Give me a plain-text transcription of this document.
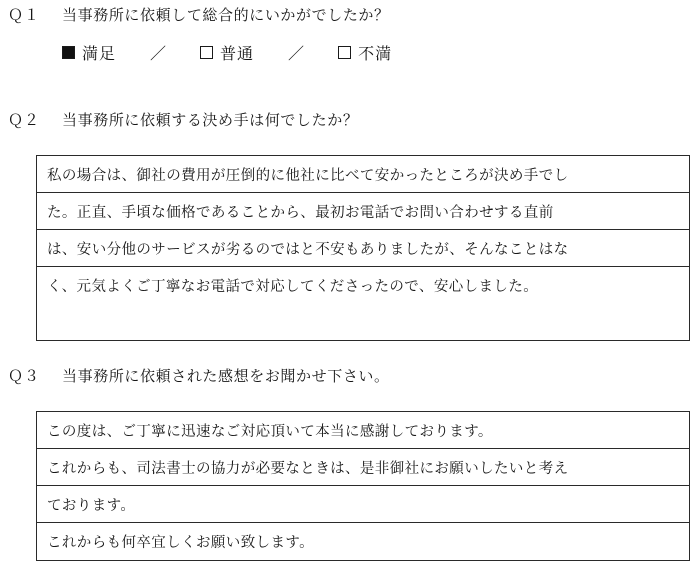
Ｑ１ 当事務所に依頼して総合的にいかがでしたか？
満足 ／	普通 ／	不満
Ｑ２ 当事務所に依頼する決め手は何でしたか？
私の場合は、御社の費用が圧倒的に他社に比べて安かったところが決め手でし
た。正直、手頃な価格であることから、最初お電話でお問い合わせする直前
は、安い分他のサービスが劣るのではと不安もありましたが、そんなことはな
く、元気よくご丁寧なお電話で対応してくださったので、安心しました。
Ｑ３ 当事務所に依頼された感想をお聞かせ下さい。
この度は、ご丁寧に迅速なご対応頂いて本当に感謝しております。
これからも、司法書士の協力が必要なときは、是非御社にお願いしたいと考え
ております。
これからも何卒宜しくお願い致します。
